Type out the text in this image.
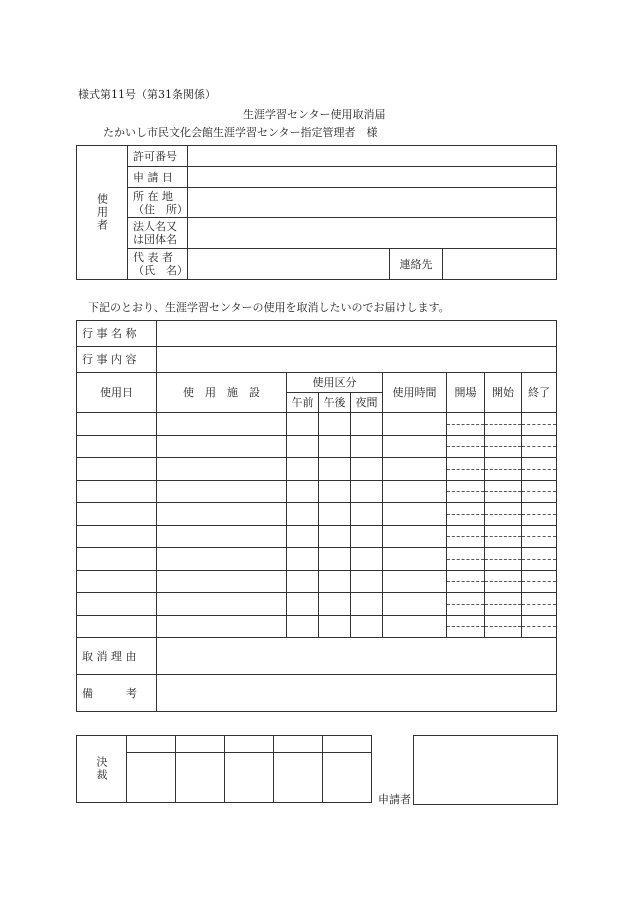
様式第11号（第31条関係）
生涯学習センター使用取消届
たかいし市民文化会館生涯学習センター指定管理者　様
使用者	許可番号			
	申 請 日			

	所 在 地
（住　所）			

	法人名又
は団体名			

	代 表 者
（氏　名）		連絡先	
下記のとおり、生涯学習センターの使用を取消したいのでお届けします。
行 事 名 称								
行 事 内 容								
使用日	使　用　施　設	使用区分			使用時間	開場	開始	終了
		午前	午後	夜間				

取 消 理 由								
備　　　考								
決裁					

申請者
